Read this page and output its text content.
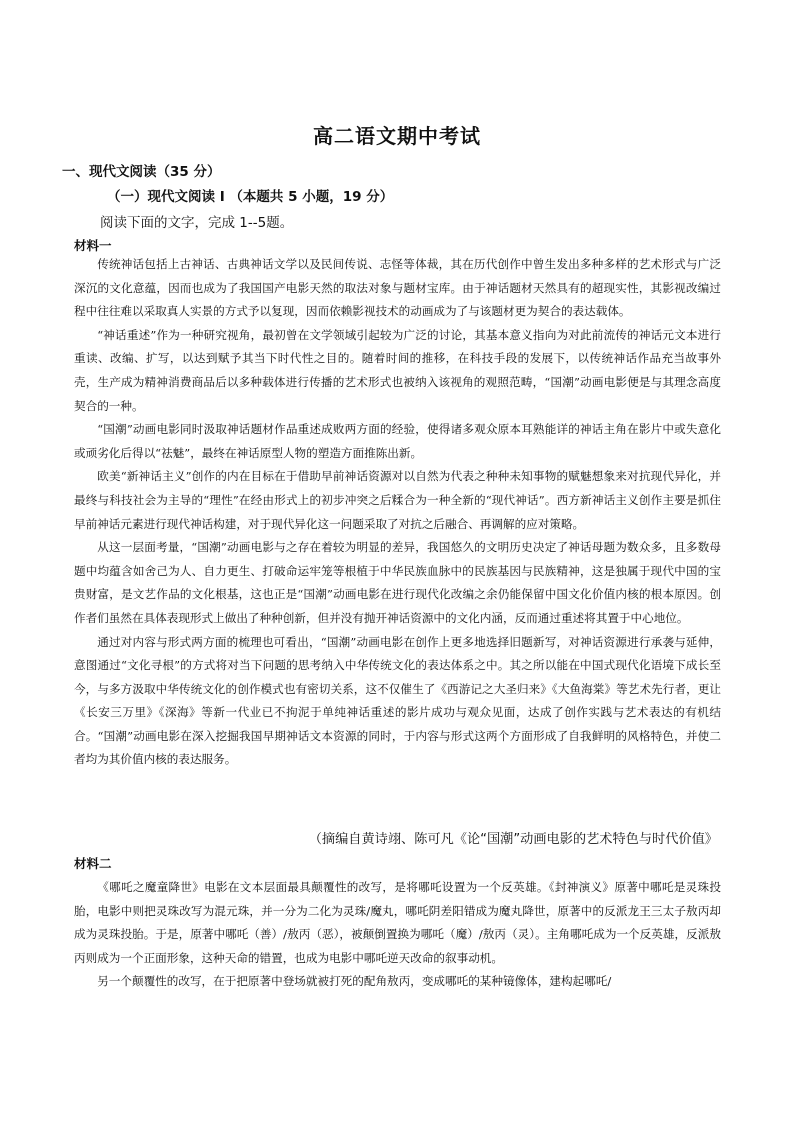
高二语文期中考试
一、现代文阅读（35 分）
（一）现代文阅读 I （本题共 5 小题，19 分）
阅读下面的文字，完成 1--5题。
材料一

传统神话包括上古神话、古典神话文学以及民间传说、志怪等体裁，其在历代创作中曾生发出多种多样的艺术形式与广泛深沉的文化意蕴，因而也成为了我国国产电影天然的取法对象与题材宝库。由于神话题材天然具有的超现实性，其影视改编过程中往往难以采取真人实景的方式予以复现，因而依赖影视技术的动画成为了与该题材更为契合的表达载体。

“神话重述”作为一种研究视角，最初曾在文学领域引起较为广泛的讨论，其基本意义指向为对此前流传的神话元文本进行重读、改编、扩写，以达到赋予其当下时代性之目的。随着时间的推移，在科技手段的发展下，以传统神话作品充当故事外壳，生产成为精神消费商品后以多种载体进行传播的艺术形式也被纳入该视角的观照范畴，“国潮”动画电影便是与其理念高度契合的一种。

“国潮”动画电影同时汲取神话题材作品重述成败两方面的经验，使得诸多观众原本耳熟能详的神话主角在影片中或失意化或顽劣化后得以“祛魅”，最终在神话原型人物的塑造方面推陈出新。

欧美“新神话主义”创作的内在目标在于借助早前神话资源对以自然为代表之种种未知事物的赋魅想象来对抗现代异化，并最终与科技社会为主导的“理性”在经由形式上的初步冲突之后糅合为一种全新的“现代神话”。西方新神话主义创作主要是抓住早前神话元素进行现代神话构建，对于现代异化这一问题采取了对抗之后融合、再调解的应对策略。

从这一层面考量，“国潮”动画电影与之存在着较为明显的差异，我国悠久的文明历史决定了神话母题为数众多，且多数母题中均蕴含如舍己为人、自力更生、打破命运牢笼等根植于中华民族血脉中的民族基因与民族精神，这是独属于现代中国的宝贵财富，是文艺作品的文化根基，这也正是“国潮”动画电影在进行现代化改编之余仍能保留中国文化价值内核的根本原因。创作者们虽然在具体表现形式上做出了种种创新，但并没有抛开神话资源中的文化内涵，反而通过重述将其置于中心地位。

通过对内容与形式两方面的梳理也可看出，“国潮”动画电影在创作上更多地选择旧题新写，对神话资源进行承袭与延伸，意图通过“文化寻根”的方式将对当下问题的思考纳入中华传统文化的表达体系之中。其之所以能在中国式现代化语境下成长至今，与多方汲取中华传统文化的创作模式也有密切关系，这不仅催生了《西游记之大圣归来》《大鱼海棠》等艺术先行者，更让《长安三万里》《深海》等新一代业已不拘泥于单纯神话重述的影片成功与观众见面，达成了创作实践与艺术表达的有机结合。“国潮”动画电影在深入挖掘我国早期神话文本资源的同时，于内容与形式这两个方面形成了自我鲜明的风格特色，并使二者均为其价值内核的表达服务。

（摘编自黄诗翊、陈可凡《论“国潮”动画电影的艺术特色与时代价值》
材料二

《哪吒之魔童降世》电影在文本层面最具颠覆性的改写，是将哪吒设置为一个反英雄。《封神演义》原著中哪吒是灵珠投胎，电影中则把灵珠改写为混元珠，并一分为二化为灵珠/魔丸，哪吒阴差阳错成为魔丸降世，原著中的反派龙王三太子敖丙却成为灵珠投胎。于是，原著中哪吒（善）/敖丙（恶），被颠倒置换为哪吒（魔）/敖丙（灵）。主角哪吒成为一个反英雄，反派敖丙则成为一个正面形象，这种天命的错置，也成为电影中哪吒逆天改命的叙事动机。

另一个颠覆性的改写，在于把原著中登场就被打死的配角敖丙，变成哪吒的某种镜像体，建构起哪吒/
